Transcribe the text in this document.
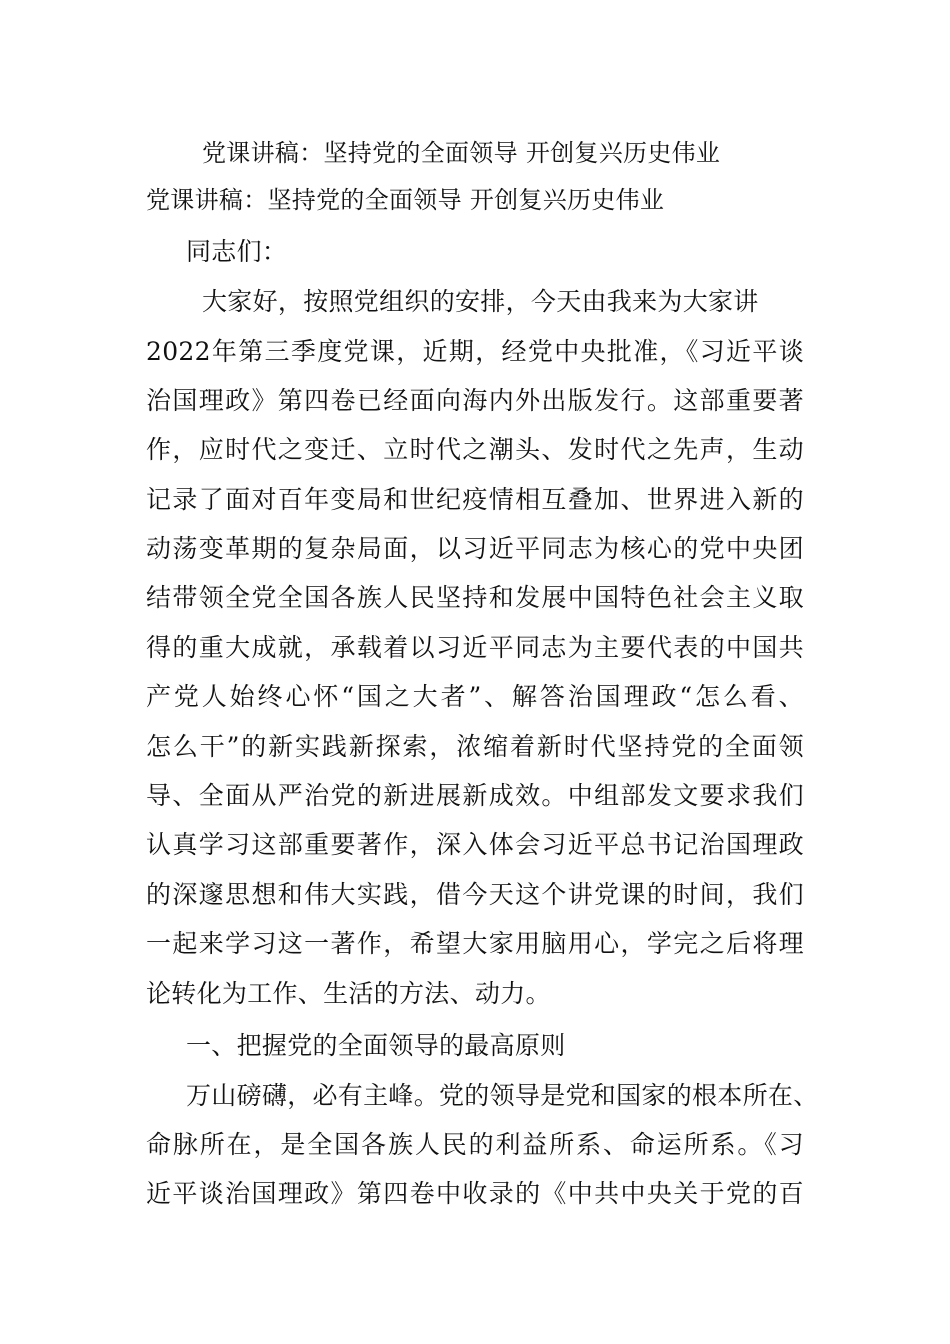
党课讲稿：坚持党的全面领导 开创复兴历史伟业
党课讲稿：坚持党的全面领导 开创复兴历史伟业
同志们：
大家好，按照党组织的安排，今天由我来为大家讲
2022年第三季度党课，近期，经党中央批准，《习近平谈
治国理政》第四卷已经面向海内外出版发行。这部重要著
作，应时代之变迁、立时代之潮头、发时代之先声，生动
记录了面对百年变局和世纪疫情相互叠加、世界进入新的
动荡变革期的复杂局面，以习近平同志为核心的党中央团
结带领全党全国各族人民坚持和发展中国特色社会主义取
得的重大成就，承载着以习近平同志为主要代表的中国共
产党人始终心怀“国之大者”、解答治国理政“怎么看、
怎么干”的新实践新探索，浓缩着新时代坚持党的全面领
导、全面从严治党的新进展新成效。中组部发文要求我们
认真学习这部重要著作，深入体会习近平总书记治国理政
的深邃思想和伟大实践，借今天这个讲党课的时间，我们
一起来学习这一著作，希望大家用脑用心，学完之后将理
论转化为工作、生活的方法、动力。
一、把握党的全面领导的最高原则
万山磅礴，必有主峰。党的领导是党和国家的根本所在、
命脉所在，是全国各族人民的利益所系、命运所系。《习
近平谈治国理政》第四卷中收录的《中共中央关于党的百
